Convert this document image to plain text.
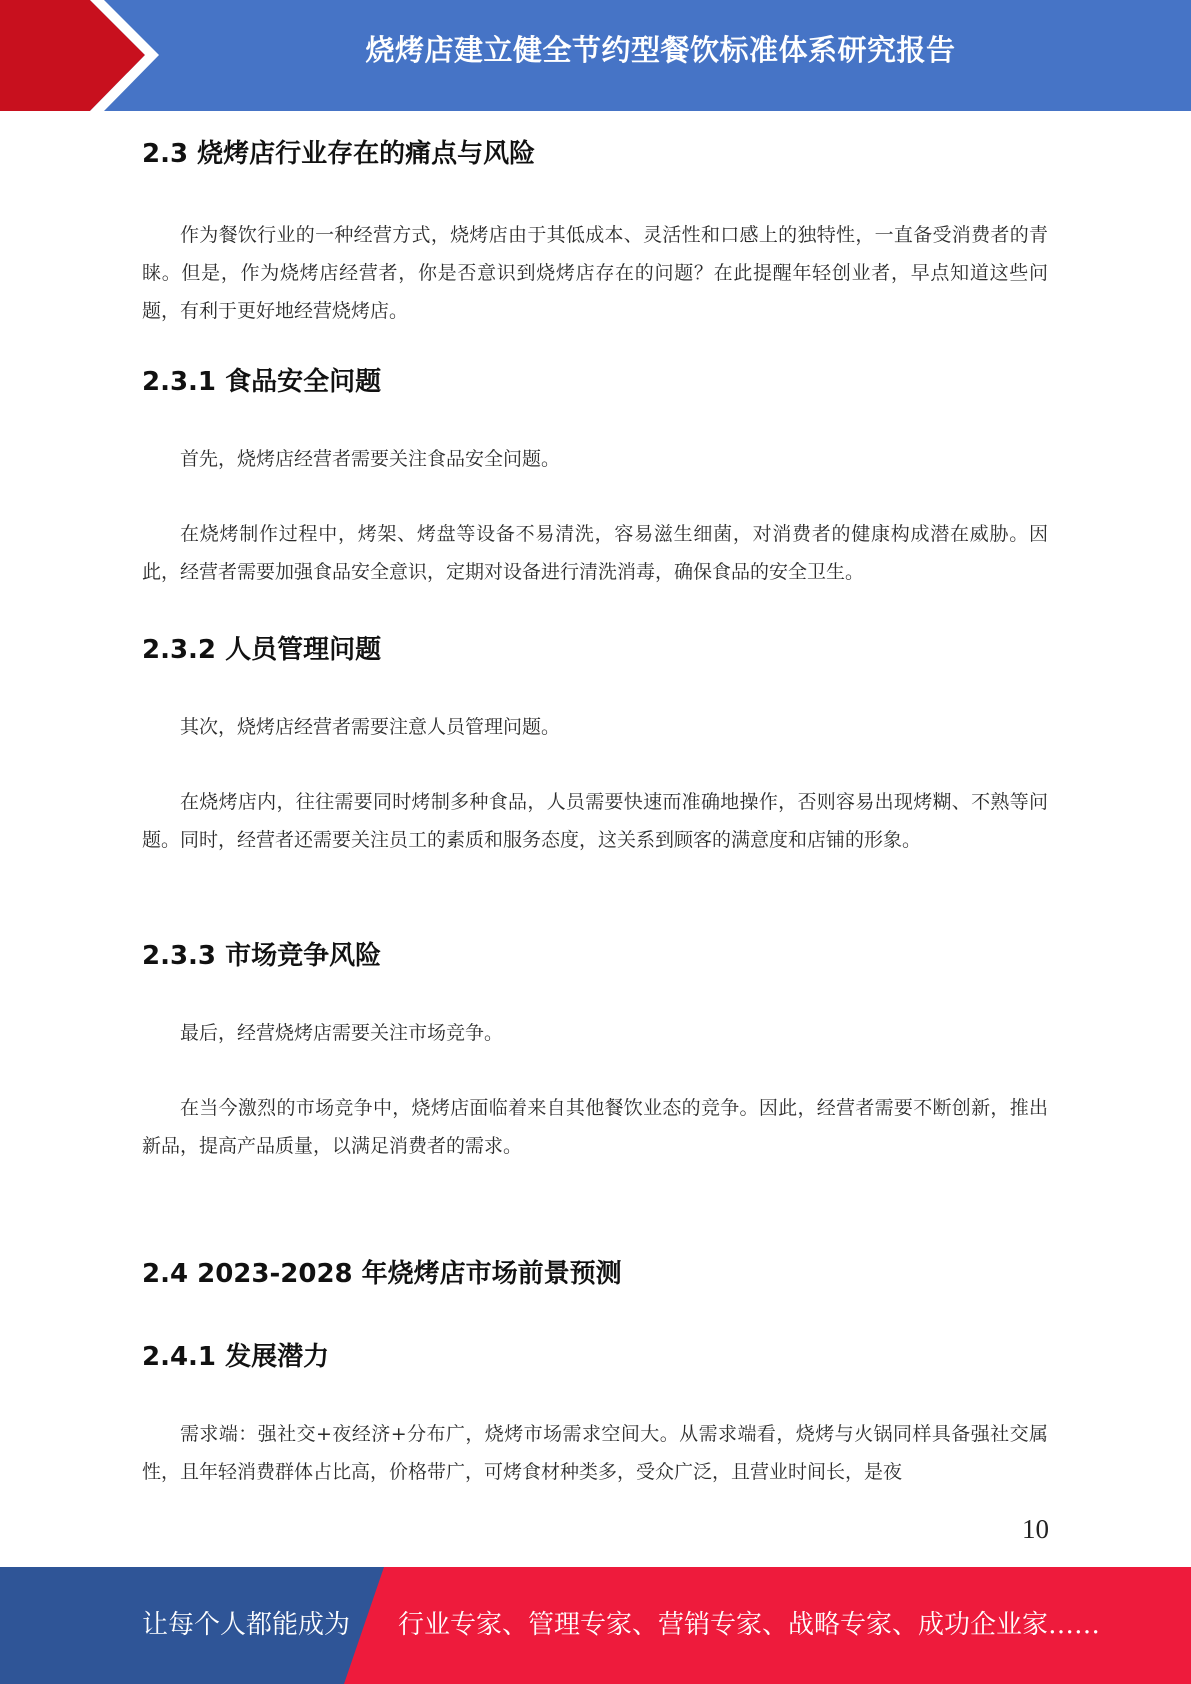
烧烤店建立健全节约型餐饮标准体系研究报告
2.3 烧烤店行业存在的痛点与风险

作为餐饮行业的一种经营方式，烧烤店由于其低成本、灵活性和口感上的独特性，一直备受消费者的青睐。但是，作为烧烤店经营者，你是否意识到烧烤店存在的问题？在此提醒年轻创业者，早点知道这些问题，有利于更好地经营烧烤店。

2.3.1 食品安全问题

首先，烧烤店经营者需要关注食品安全问题。

在烧烤制作过程中，烤架、烤盘等设备不易清洗，容易滋生细菌，对消费者的健康构成潜在威胁。因此，经营者需要加强食品安全意识，定期对设备进行清洗消毒，确保食品的安全卫生。

2.3.2 人员管理问题

其次，烧烤店经营者需要注意人员管理问题。

在烧烤店内，往往需要同时烤制多种食品，人员需要快速而准确地操作，否则容易出现烤糊、不熟等问题。同时，经营者还需要关注员工的素质和服务态度，这关系到顾客的满意度和店铺的形象。

2.3.3 市场竞争风险

最后，经营烧烤店需要关注市场竞争。

在当今激烈的市场竞争中，烧烤店面临着来自其他餐饮业态的竞争。因此，经营者需要不断创新，推出新品，提高产品质量，以满足消费者的需求。

2.4 2023-2028 年烧烤店市场前景预测
2.4.1 发展潜力

需求端：强社交+夜经济+分布广，烧烤市场需求空间大。从需求端看，烧烤与火锅同样具备强社交属性，且年轻消费群体占比高，价格带广，可烤食材种类多，受众广泛，且营业时间长，是夜

10
让每个人都能成为 行业专家、管理专家、营销专家、战略专家、成功企业家……
